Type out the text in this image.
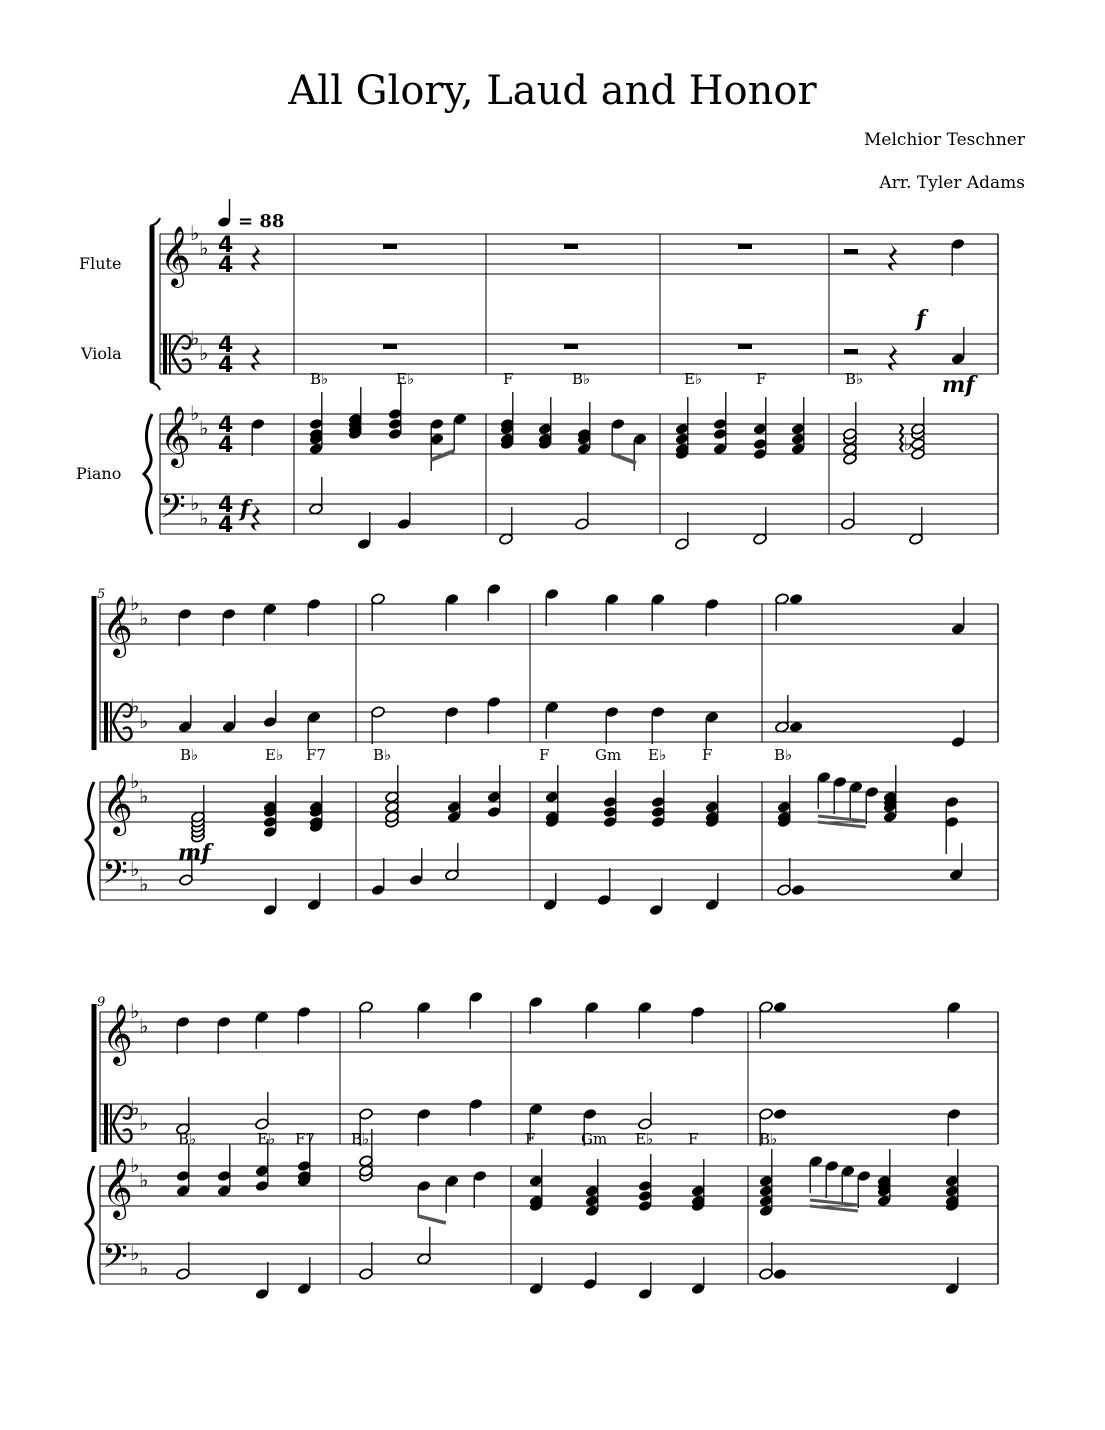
All Glory, Laud and Honor
Melchior Teschner
Arr. Tyler Adams
= 88
Flute
Viola
Piano
𝄞 ♭
♭ 4
4
♭
♭ 4
4
𝄞 ♭
♭ 4
4
𝄢 ♭
♭ 4
4
f
mf
B♭	E♭	F	B♭	E♭	F	B♭
f
♭
5
𝄞
♭
♭
♭
♭
𝄞
♭
♭
𝄢 ♭
♭
B♭	E♭ F7	B♭	F	Gm E♭ F	B♭
mf
9
𝄞
♭
♭
♭
♭
𝄞
♭
♭
𝄢 ♭
♭
B♭	E♭ F7 B♭	F	Gm E♭ F	B♭
